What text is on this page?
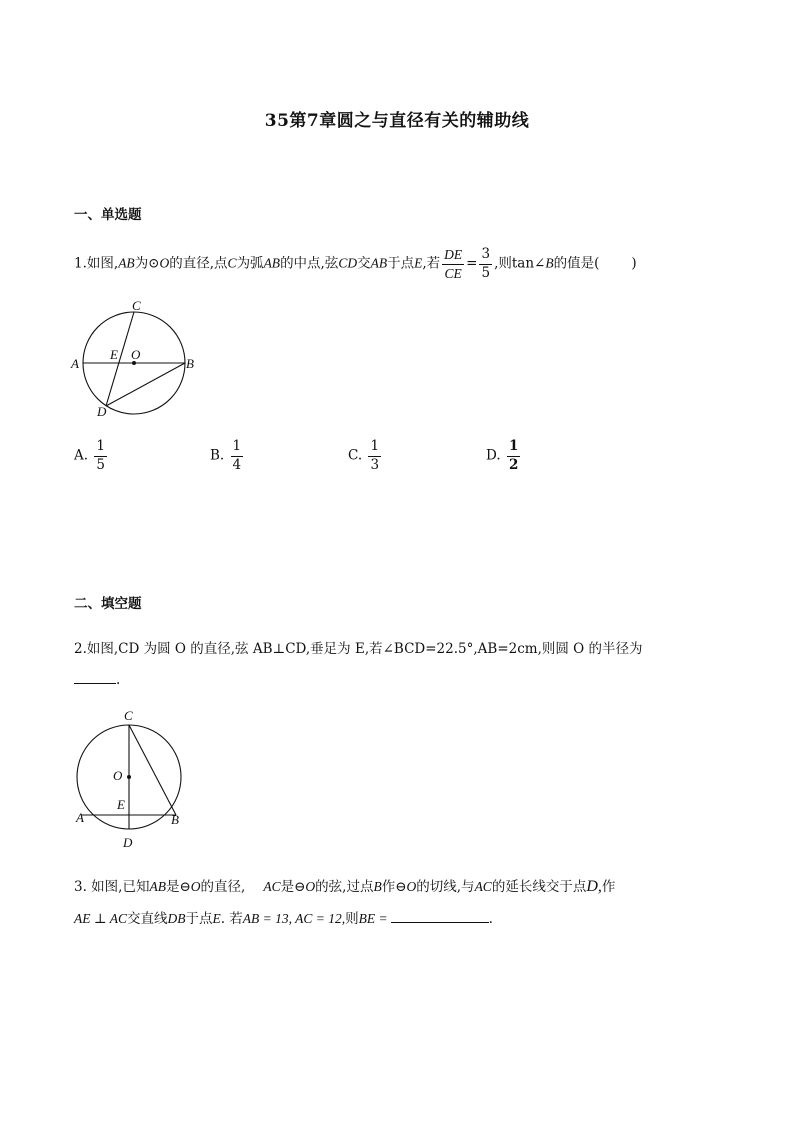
35第7章圆之与直径有关的辅助线
一、单选题
1.如图,AB为⊙O的直径,点C为弧AB的中点,弦CD交AB于点E,若 $\frac{DE}{CE} = \frac{3}{5}$ ,则tan∠B的值是( )
C
A
E O
B
D
A. $\frac{1}{5}$	B. $\frac{1}{4}$	C. $\frac{1}{3}$	D. $\frac{1}{2}$
二、填空题
2.如图,CD 为圆 O 的直径,弦 AB⊥CD,垂足为 E,若∠BCD=22.5°,AB=2cm,则圆 O 的半径为
.
C
O
E
A	B
D
3. 如图,已知AB是⊖O的直径, AC是⊖O的弦,过点B作⊖O的切线,与AC的延长线交于点D,作
AE ⊥ AC交直线DB于点E. 若AB = 13, AC = 12,则BE =	.
